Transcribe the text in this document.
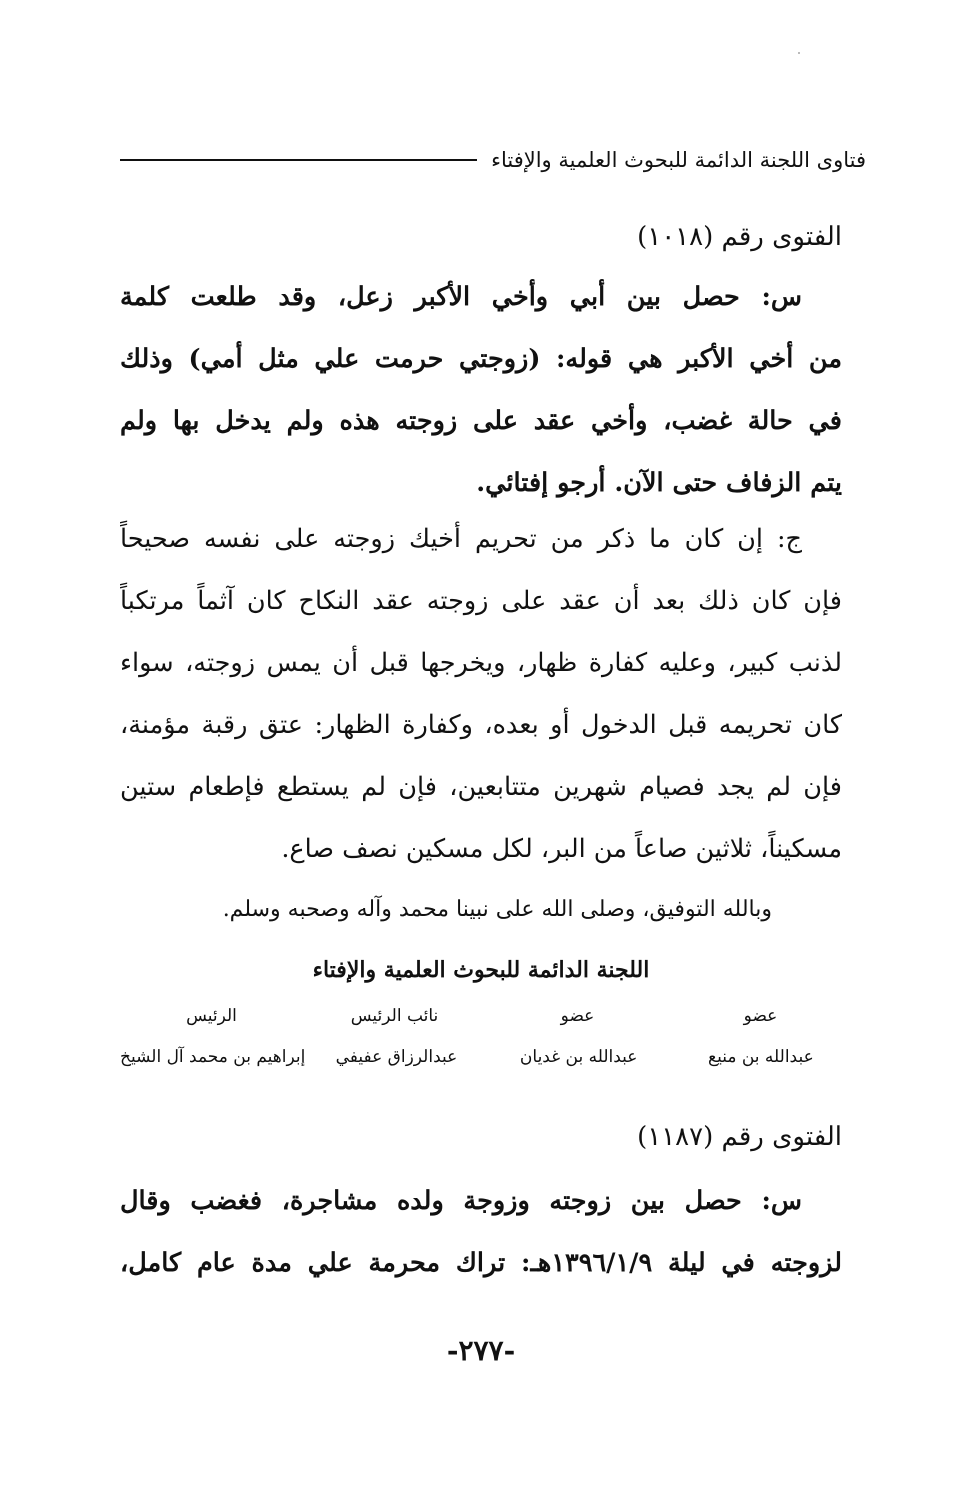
فتاوى اللجنة الدائمة للبحوث العلمية والإفتاء
الفتوى رقم (١٠١٨)
س: حصل بين أبي وأخي الأكبر زعل، وقد طلعت كلمة
من أخي الأكبر هي قوله: (زوجتي حرمت علي مثل أمي) وذلك
في حالة غضب، وأخي عقد على زوجته هذه ولم يدخل بها ولم
يتم الزفاف حتى الآن. أرجو إفتائي.
ج: إن كان ما ذكر من تحريم أخيك زوجته على نفسه صحيحاً
فإن كان ذلك بعد أن عقد على زوجته عقد النكاح كان آثماً مرتكباً
لذنب كبير، وعليه كفارة ظهار، ويخرجها قبل أن يمس زوجته، سواء
كان تحريمه قبل الدخول أو بعده، وكفارة الظهار: عتق رقبة مؤمنة،
فإن لم يجد فصيام شهرين متتابعين، فإن لم يستطع فإطعام ستين
مسكيناً، ثلاثين صاعاً من البر، لكل مسكين نصف صاع.
وبالله التوفيق، وصلى الله على نبينا محمد وآله وصحبه وسلم.
اللجنة الدائمة للبحوث العلمية والإفتاء
عضو
عضو
نائب الرئيس
الرئيس
عبدالله بن منيع
عبدالله بن غديان
عبدالرزاق عفيفي
إبراهيم بن محمد آل الشيخ
الفتوى رقم (١١٨٧)
س: حصل بين زوجته وزوجة ولده مشاجرة، فغضب وقال
لزوجته في ليلة ١٣٩٦/١/٩هـ: تراك محرمة علي مدة عام كامل،
-٢٧٧-
